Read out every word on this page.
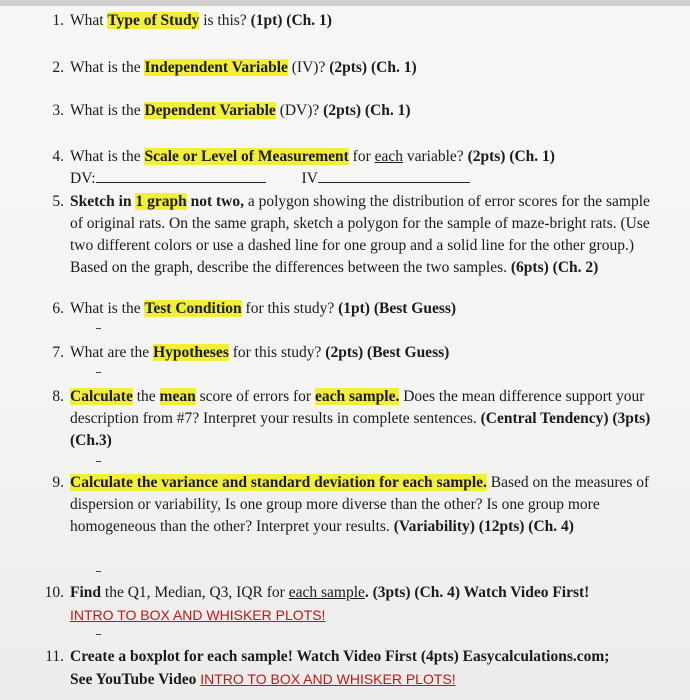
1. What Type of Study is this? (1pt) (Ch. 1)
2. What is the Independent Variable (IV)? (2pts) (Ch. 1)
3. What is the Dependent Variable (DV)? (2pts) (Ch. 1)
4. What is the Scale or Level of Measurement for each variable? (2pts) (Ch. 1)
DV:	IV
5. Sketch in 1 graph not two, a polygon showing the distribution of error scores for the sample of original rats. On the same graph, sketch a polygon for the sample of maze-bright rats. (Use two different colors or use a dashed line for one group and a solid line for the other group.) Based on the graph, describe the differences between the two samples. (6pts) (Ch. 2)
6. What is the Test Condition for this study? (1pt) (Best Guess)
7. What are the Hypotheses for this study? (2pts) (Best Guess)
8. Calculate the mean score of errors for each sample. Does the mean difference support your description from #7? Interpret your results in complete sentences. (Central Tendency) (3pts) (Ch.3)
9. Calculate the variance and standard deviation for each sample. Based on the measures of dispersion or variability, Is one group more diverse than the other? Is one group more homogeneous than the other? Interpret your results. (Variability) (12pts) (Ch. 4)
10. Find the Q1, Median, Q3, IQR for each sample. (3pts) (Ch. 4) Watch Video First!
INTRO TO BOX AND WHISKER PLOTS!
11. Create a boxplot for each sample! Watch Video First (4pts) Easycalculations.com;
See YouTube Video INTRO TO BOX AND WHISKER PLOTS!
